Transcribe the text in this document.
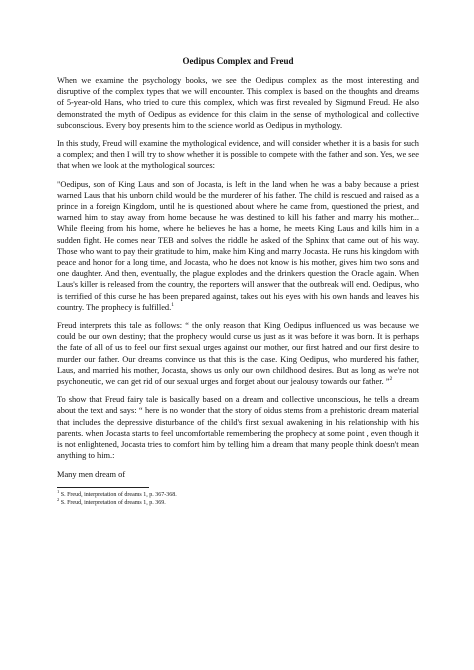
Oedipus Complex and Freud

When we examine the psychology books, we see the Oedipus complex as the most interesting and disruptive of the complex types that we will encounter. This complex is based on the thoughts and dreams of 5-year-old Hans, who tried to cure this complex, which was first revealed by Sigmund Freud. He also demonstrated the myth of Oedipus as evidence for this claim in the sense of mythological and collective subconscious. Every boy presents him to the science world as Oedipus in mythology.

In this study, Freud will examine the mythological evidence, and will consider whether it is a basis for such a complex; and then I will try to show whether it is possible to compete with the father and son. Yes, we see that when we look at the mythological sources:

"Oedipus, son of King Laus and son of Jocasta, is left in the land when he was a baby because a priest warned Laus that his unborn child would be the murderer of his father. The child is rescued and raised as a prince in a foreign Kingdom, until he is questioned about where he came from, questioned the priest, and warned him to stay away from home because he was destined to kill his father and marry his mother... While fleeing from his home, where he believes he has a home, he meets King Laus and kills him in a sudden fight. He comes near TEB and solves the riddle he asked of the Sphinx that came out of his way. Those who want to pay their gratitude to him, make him King and marry Jocasta. He runs his kingdom with peace and honor for a long time, and Jocasta, who he does not know is his mother, gives him two sons and one daughter. And then, eventually, the plague explodes and the drinkers question the Oracle again. When Laus's killer is released from the country, the reporters will answer that the outbreak will end. Oedipus, who is terrified of this curse he has been prepared against, takes out his eyes with his own hands and leaves his country. The prophecy is fulfilled.$^1$

Freud interprets this tale as follows: “ the only reason that King Oedipus influenced us was because we could be our own destiny; that the prophecy would curse us just as it was before it was born. It is perhaps the fate of all of us to feel our first sexual urges against our mother, our first hatred and our first desire to murder our father. Our dreams convince us that this is the case. King Oedipus, who murdered his father, Laus, and married his mother, Jocasta, shows us only our own childhood desires. But as long as we're not psychoneutic, we can get rid of our sexual urges and forget about our jealousy towards our father. ”$^2$

To show that Freud fairy tale is basically based on a dream and collective unconscious, he tells a dream about the text and says: “ here is no wonder that the story of oidus stems from a prehistoric dream material that includes the depressive disturbance of the child's first sexual awakening in his relationship with his parents. when Jocasta starts to feel uncomfortable remembering the prophecy at some point , even though it is not enlightened, Jocasta tries to comfort him by telling him a dream that many people think doesn't mean anything to him.:

Many men dream of

$^1$ S. Freud, interpretation of dreams 1, p. 367-368.

$^2$ S. Freud, interpretation of dreams 1, p. 369.
